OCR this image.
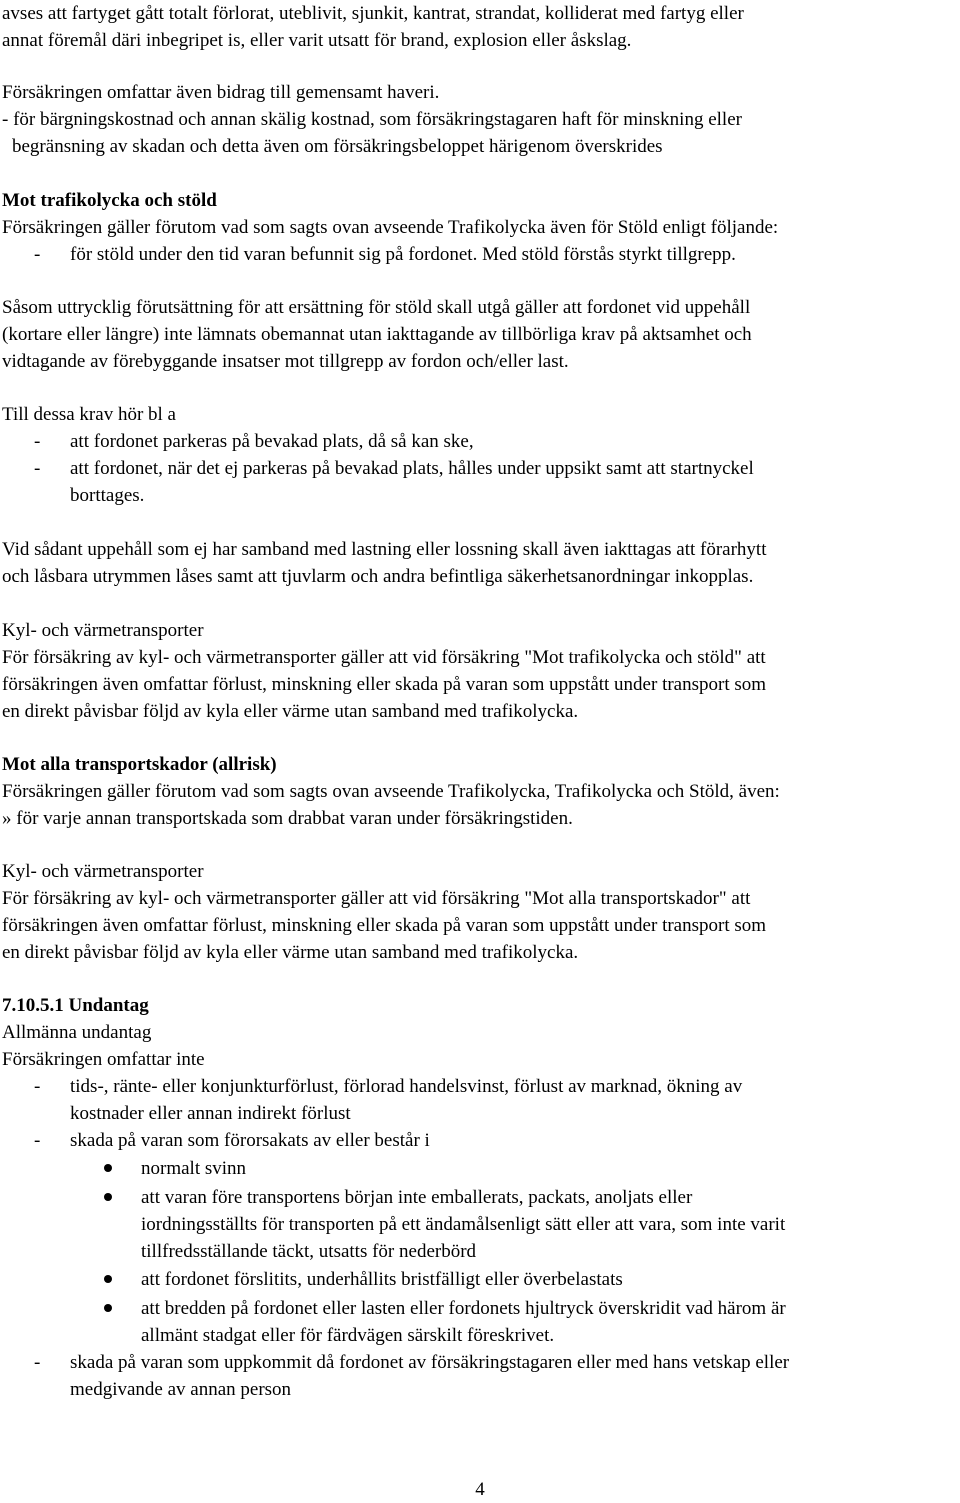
avses att fartyget gått totalt förlorat, uteblivit, sjunkit, kantrat, strandat, kolliderat med fartyg eller
annat föremål däri inbegripet is, eller varit utsatt för brand, explosion eller åskslag.
Försäkringen omfattar även bidrag till gemensamt haveri.
- för bärgningskostnad och annan skälig kostnad, som försäkringstagaren haft för minskning eller
begränsning av skadan och detta även om försäkringsbeloppet härigenom överskrides
Mot trafikolycka och stöld
Försäkringen gäller förutom vad som sagts ovan avseende Trafikolycka även för Stöld enligt följande:
- för stöld under den tid varan befunnit sig på fordonet. Med stöld förstås styrkt tillgrepp.
Såsom uttrycklig förutsättning för att ersättning för stöld skall utgå gäller att fordonet vid uppehåll
(kortare eller längre) inte lämnats obemannat utan iakttagande av tillbörliga krav på aktsamhet och
vidtagande av förebyggande insatser mot tillgrepp av fordon och/eller last.
Till dessa krav hör bl a
- att fordonet parkeras på bevakad plats, då så kan ske,
- att fordonet, när det ej parkeras på bevakad plats, hålles under uppsikt samt att startnyckel
borttages.
Vid sådant uppehåll som ej har samband med lastning eller lossning skall även iakttagas att förarhytt
och låsbara utrymmen låses samt att tjuvlarm och andra befintliga säkerhetsanordningar inkopplas.
Kyl- och värmetransporter
För försäkring av kyl- och värmetransporter gäller att vid försäkring "Mot trafikolycka och stöld" att
försäkringen även omfattar förlust, minskning eller skada på varan som uppstått under transport som
en direkt påvisbar följd av kyla eller värme utan samband med trafikolycka.
Mot alla transportskador (allrisk)
Försäkringen gäller förutom vad som sagts ovan avseende Trafikolycka, Trafikolycka och Stöld, även:
» för varje annan transportskada som drabbat varan under försäkringstiden.
Kyl- och värmetransporter
För försäkring av kyl- och värmetransporter gäller att vid försäkring "Mot alla transportskador" att
försäkringen även omfattar förlust, minskning eller skada på varan som uppstått under transport som
en direkt påvisbar följd av kyla eller värme utan samband med trafikolycka.
7.10.5.1 Undantag
Allmänna undantag
Försäkringen omfattar inte
- tids-, ränte- eller konjunkturförlust, förlorad handelsvinst, förlust av marknad, ökning av
kostnader eller annan indirekt förlust
- skada på varan som förorsakats av eller består i
normalt svinn
att varan före transportens början inte emballerats, packats, anoljats eller
iordningsställts för transporten på ett ändamålsenligt sätt eller att vara, som inte varit
tillfredsställande täckt, utsatts för nederbörd
att fordonet förslitits, underhållits bristfälligt eller överbelastats
att bredden på fordonet eller lasten eller fordonets hjultryck överskridit vad härom är
allmänt stadgat eller för färdvägen särskilt föreskrivet.
- skada på varan som uppkommit då fordonet av försäkringstagaren eller med hans vetskap eller
medgivande av annan person
4
